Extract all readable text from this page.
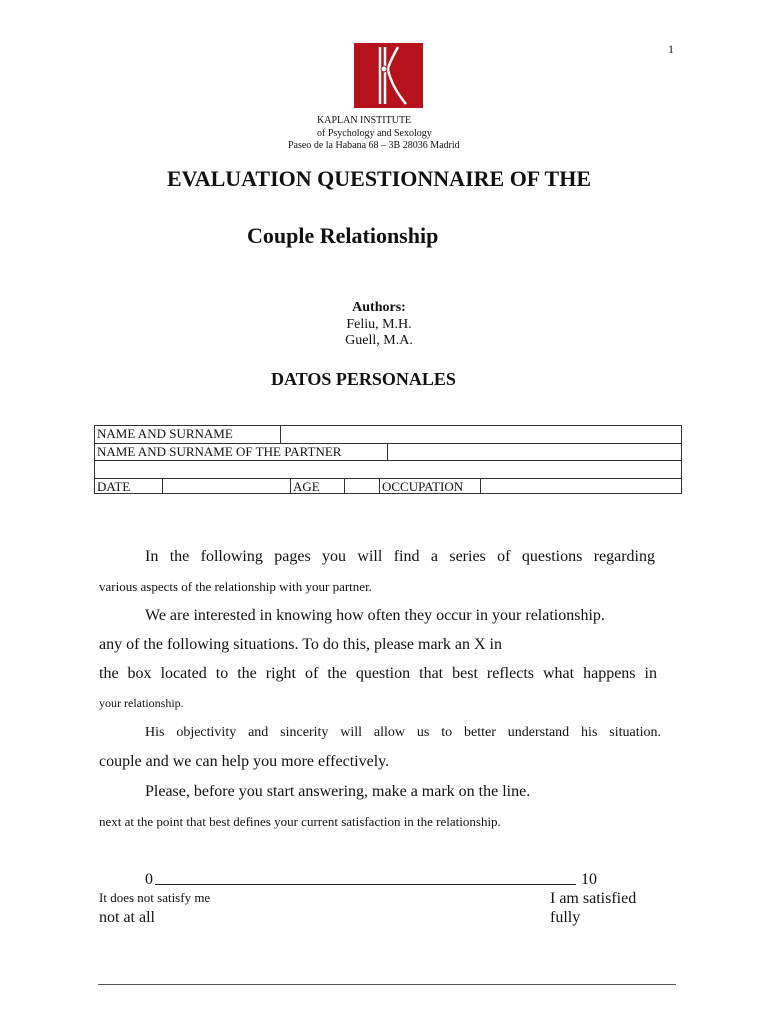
1
KAPLAN INSTITUTE
of Psychology and Sexology
Paseo de la Habana 68 – 3B 28036 Madrid
EVALUATION QUESTIONNAIRE OF THE
Couple Relationship
Authors:
Feliu, M.H.
Guell, M.A.
DATOS PERSONALES
NAME AND SURNAME
NAME AND SURNAME OF THE PARTNER
DATE	AGE	OCCUPATION
In the following pages you will find a series of questions regarding
various aspects of the relationship with your partner.
We are interested in knowing how often they occur in your relationship.
any of the following situations. To do this, please mark an X in
the box located to the right of the question that best reflects what happens in
your relationship.
His objectivity and sincerity will allow us to better understand his situation.
couple and we can help you more effectively.
Please, before you start answering, make a mark on the line.
next at the point that best defines your current satisfaction in the relationship.
0	10
It does not satisfy me
not at all
I am satisfied
fully
